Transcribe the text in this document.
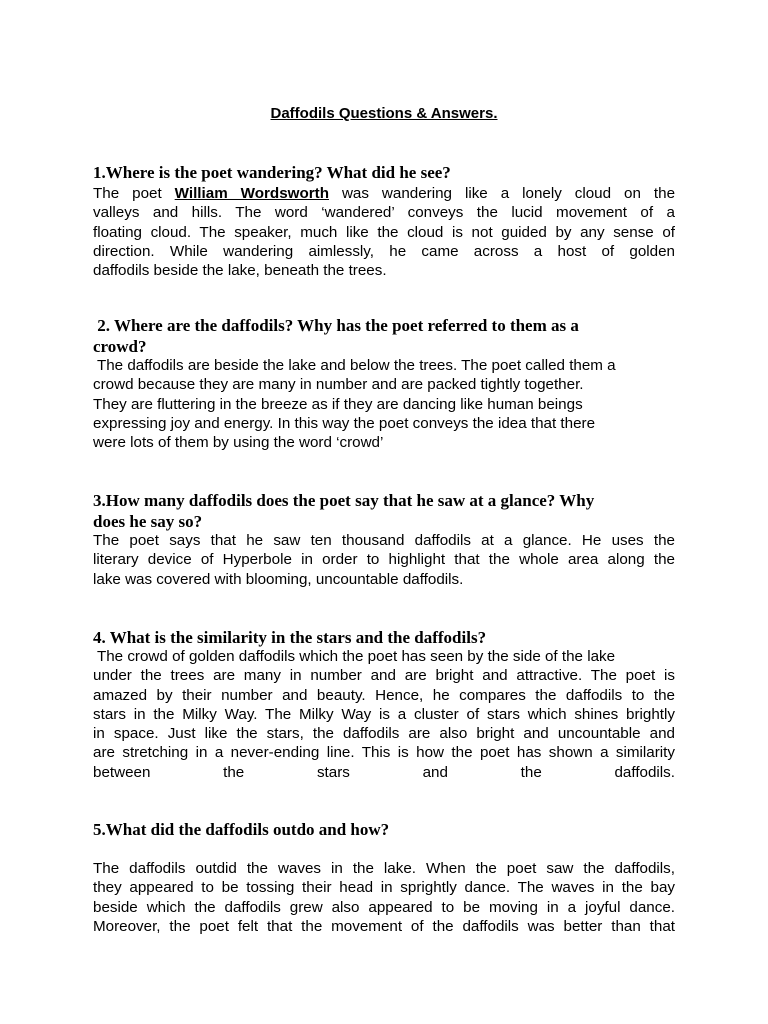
Daffodils Questions & Answers.

1.Where is the poet wandering? What did he see?

The poet William Wordsworth was wandering like a lonely cloud on the
valleys and hills. The word ‘wandered’ conveys the lucid movement of a
floating cloud. The speaker, much like the cloud is not guided by any sense of
direction. While wandering aimlessly, he came across a host of golden
daffodils beside the lake, beneath the trees.
2. Where are the daffodils? Why has the poet referred to them as a
crowd?
The daffodils are beside the lake and below the trees. The poet called them a
crowd because they are many in number and are packed tightly together.
They are fluttering in the breeze as if they are dancing like human beings
expressing joy and energy. In this way the poet conveys the idea that there
were lots of them by using the word ‘crowd’
3.How many daffodils does the poet say that he saw at a glance? Why
does he say so?
The poet says that he saw ten thousand daffodils at a glance. He uses the
literary device of Hyperbole in order to highlight that the whole area along the
lake was covered with blooming, uncountable daffodils.

4. What is the similarity in the stars and the daffodils?

The crowd of golden daffodils which the poet has seen by the side of the lake
under the trees are many in number and are bright and attractive. The poet is
amazed by their number and beauty. Hence, he compares the daffodils to the
stars in the Milky Way. The Milky Way is a cluster of stars which shines brightly
in space. Just like the stars, the daffodils are also bright and uncountable and
are stretching in a never-ending line. This is how the poet has shown a similarity
between the stars and the daffodils.

5.What did the daffodils outdo and how?

The daffodils outdid the waves in the lake. When the poet saw the daffodils,
they appeared to be tossing their head in sprightly dance. The waves in the bay
beside which the daffodils grew also appeared to be moving in a joyful dance.
Moreover, the poet felt that the movement of the daffodils was better than that
